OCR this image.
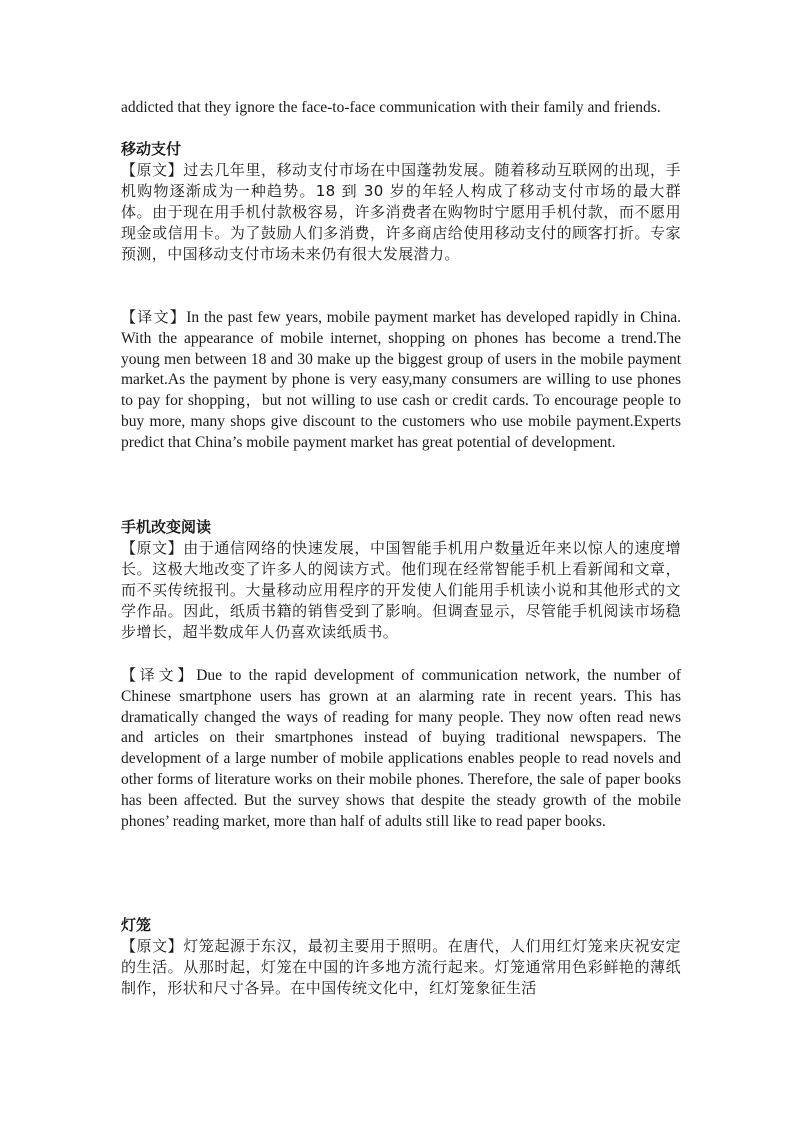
addicted that they ignore the face-to-face communication with their family and friends.

移动支付

【原文】过去几年里，移动支付市场在中国蓬勃发展。随着移动互联网的出现，手机购物逐渐成为一种趋势。18 到 30 岁的年轻人构成了移动支付市场的最大群体。由于现在用手机付款极容易，许多消费者在购物时宁愿用手机付款，而不愿用现金或信用卡。为了鼓励人们多消费，许多商店给使用移动支付的顾客打折。专家预测，中国移动支付市场未来仍有很大发展潜力。

【译文】In the past few years, mobile payment market has developed rapidly in China. With the appearance of mobile internet, shopping on phones has become a trend.The young men between 18 and 30 make up the biggest group of users in the mobile payment market.As the payment by phone is very easy,many consumers are willing to use phones to pay for shopping，but not willing to use cash or credit cards. To encourage people to buy more, many shops give discount to the customers who use mobile payment.Experts predict that China’s mobile payment market has great potential of development.

手机改变阅读

【原文】由于通信网络的快速发展，中国智能手机用户数量近年来以惊人的速度增长。这极大地改变了许多人的阅读方式。他们现在经常智能手机上看新闻和文章，而不买传统报刊。大量移动应用程序的开发使人们能用手机读小说和其他形式的文学作品。因此，纸质书籍的销售受到了影响。但调查显示，尽管能手机阅读市场稳步增长，超半数成年人仍喜欢读纸质书。

【译文】Due to the rapid development of communication network, the number of Chinese smartphone users has grown at an alarming rate in recent years. This has dramatically changed the ways of reading for many people. They now often read news and articles on their smartphones instead of buying traditional newspapers. The development of a large number of mobile applications enables people to read novels and other forms of literature works on their mobile phones. Therefore, the sale of paper books has been affected. But the survey shows that despite the steady growth of the mobile phones’ reading market, more than half of adults still like to read paper books.

灯笼

【原文】灯笼起源于东汉，最初主要用于照明。在唐代，人们用红灯笼来庆祝安定的生活。从那时起，灯笼在中国的许多地方流行起来。灯笼通常用色彩鲜艳的薄纸制作，形状和尺寸各异。在中国传统文化中，红灯笼象征生活
